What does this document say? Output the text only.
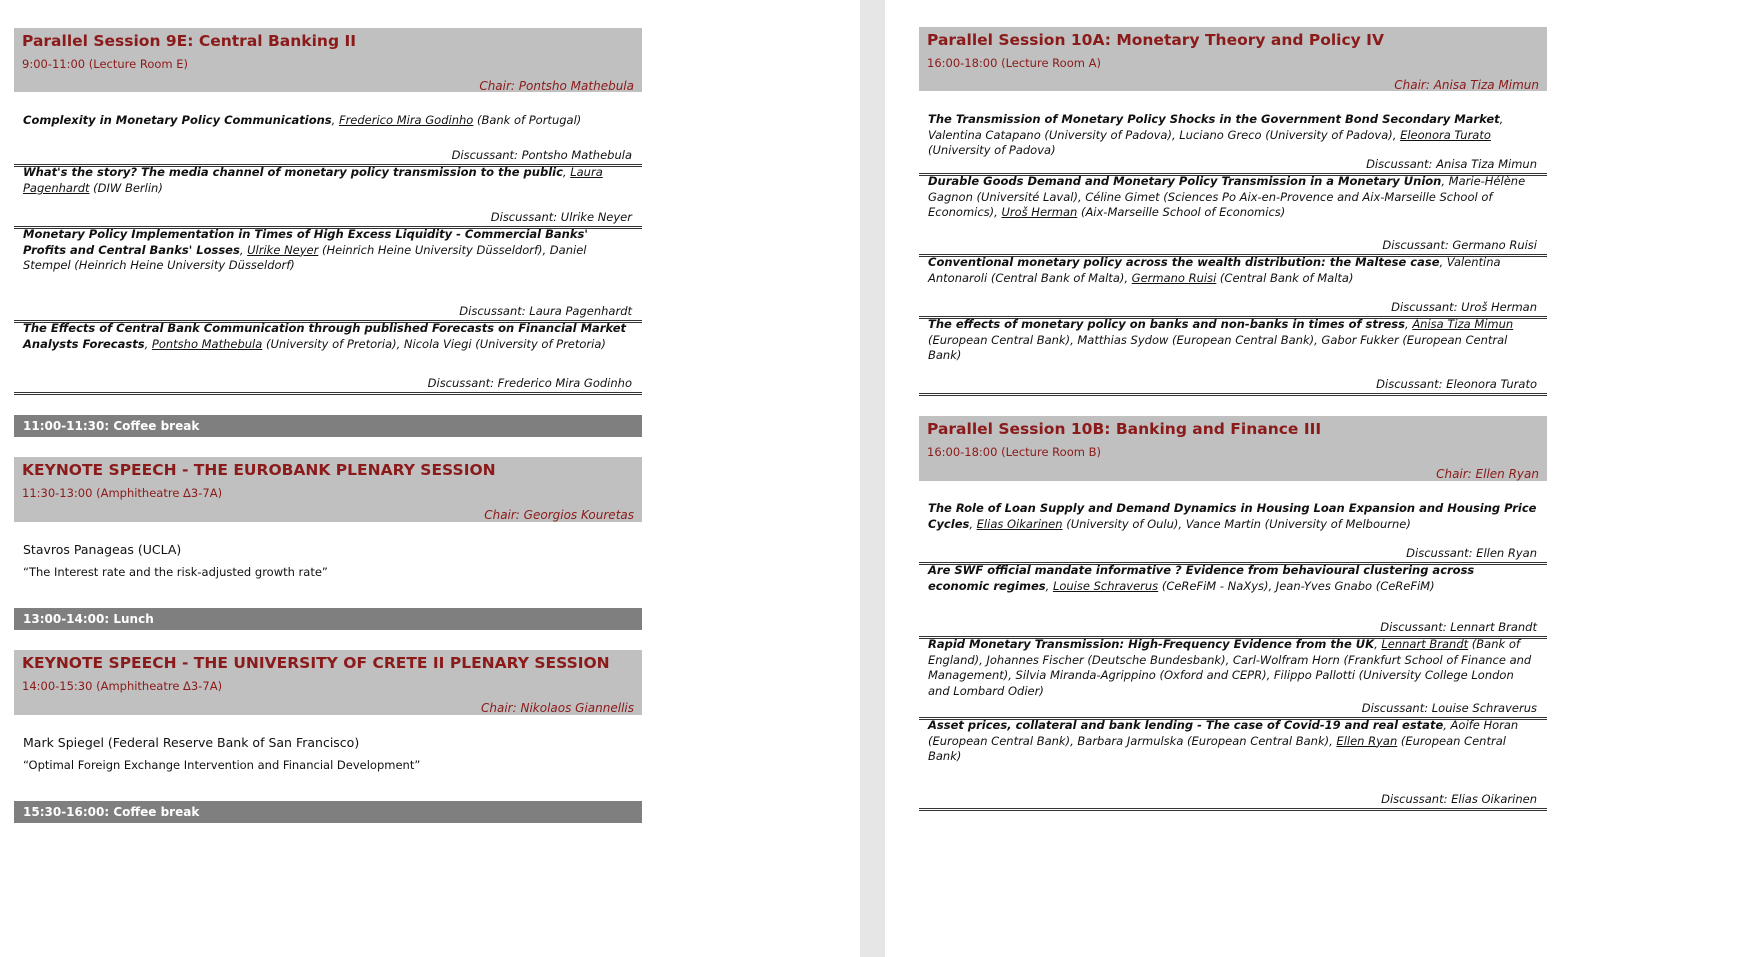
Parallel Session 9E: Central Banking II
9:00-11:00 (Lecture Room E)
Chair: Pontsho Mathebula
Complexity in Monetary Policy Communications, Frederico Mira Godinho (Bank of Portugal)
Discussant: Pontsho Mathebula
What's the story? The media channel of monetary policy transmission to the public, Laura Pagenhardt (DIW Berlin)
Discussant: Ulrike Neyer
Monetary Policy Implementation in Times of High Excess Liquidity - Commercial Banks' Profits and Central Banks' Losses, Ulrike Neyer (Heinrich Heine University Düsseldorf), Daniel Stempel (Heinrich Heine University Düsseldorf)
Discussant: Laura Pagenhardt
The Effects of Central Bank Communication through published Forecasts on Financial Market Analysts Forecasts, Pontsho Mathebula (University of Pretoria), Nicola Viegi (University of Pretoria)
Discussant: Frederico Mira Godinho
11:00-11:30: Coffee break
KEYNOTE SPEECH - THE EUROBANK PLENARY SESSION
11:30-13:00 (Amphitheatre Δ3-7A)
Chair: Georgios Kouretas
Stavros Panageas (UCLA)
“The Interest rate and the risk-adjusted growth rate”
13:00-14:00: Lunch
KEYNOTE SPEECH - THE UNIVERSITY OF CRETE II PLENARY SESSION
14:00-15:30 (Amphitheatre Δ3-7A)
Chair: Nikolaos Giannellis
Mark Spiegel (Federal Reserve Bank of San Francisco)
“Optimal Foreign Exchange Intervention and Financial Development”
15:30-16:00: Coffee break
Parallel Session 10A: Monetary Theory and Policy IV
16:00-18:00 (Lecture Room A)
Chair: Anisa Tiza Mimun
The Transmission of Monetary Policy Shocks in the Government Bond Secondary Market, Valentina Catapano (University of Padova), Luciano Greco (University of Padova), Eleonora Turato (University of Padova)
Discussant: Anisa Tiza Mimun
Durable Goods Demand and Monetary Policy Transmission in a Monetary Union, Marie-Hélène Gagnon (Université Laval), Céline Gimet (Sciences Po Aix-en-Provence and Aix-Marseille School of Economics), Uroš Herman (Aix-Marseille School of Economics)
Discussant: Germano Ruisi
Conventional monetary policy across the wealth distribution: the Maltese case, Valentina Antonaroli (Central Bank of Malta), Germano Ruisi (Central Bank of Malta)
Discussant: Uroš Herman
The effects of monetary policy on banks and non-banks in times of stress, Anisa Tiza Mimun (European Central Bank), Matthias Sydow (European Central Bank), Gabor Fukker (European Central Bank)
Discussant: Eleonora Turato
Parallel Session 10B: Banking and Finance III
16:00-18:00 (Lecture Room B)
Chair: Ellen Ryan
The Role of Loan Supply and Demand Dynamics in Housing Loan Expansion and Housing Price Cycles, Elias Oikarinen (University of Oulu), Vance Martin (University of Melbourne)
Discussant: Ellen Ryan
Are SWF official mandate informative ? Evidence from behavioural clustering across economic regimes, Louise Schraverus (CeReFiM - NaXys), Jean-Yves Gnabo (CeReFiM)
Discussant: Lennart Brandt
Rapid Monetary Transmission: High-Frequency Evidence from the UK, Lennart Brandt (Bank of England), Johannes Fischer (Deutsche Bundesbank), Carl-Wolfram Horn (Frankfurt School of Finance and Management), Silvia Miranda-Agrippino (Oxford and CEPR), Filippo Pallotti (University College London and Lombard Odier)
Discussant: Louise Schraverus
Asset prices, collateral and bank lending - The case of Covid-19 and real estate, Aoife Horan (European Central Bank), Barbara Jarmulska (European Central Bank), Ellen Ryan (European Central Bank)
Discussant: Elias Oikarinen
